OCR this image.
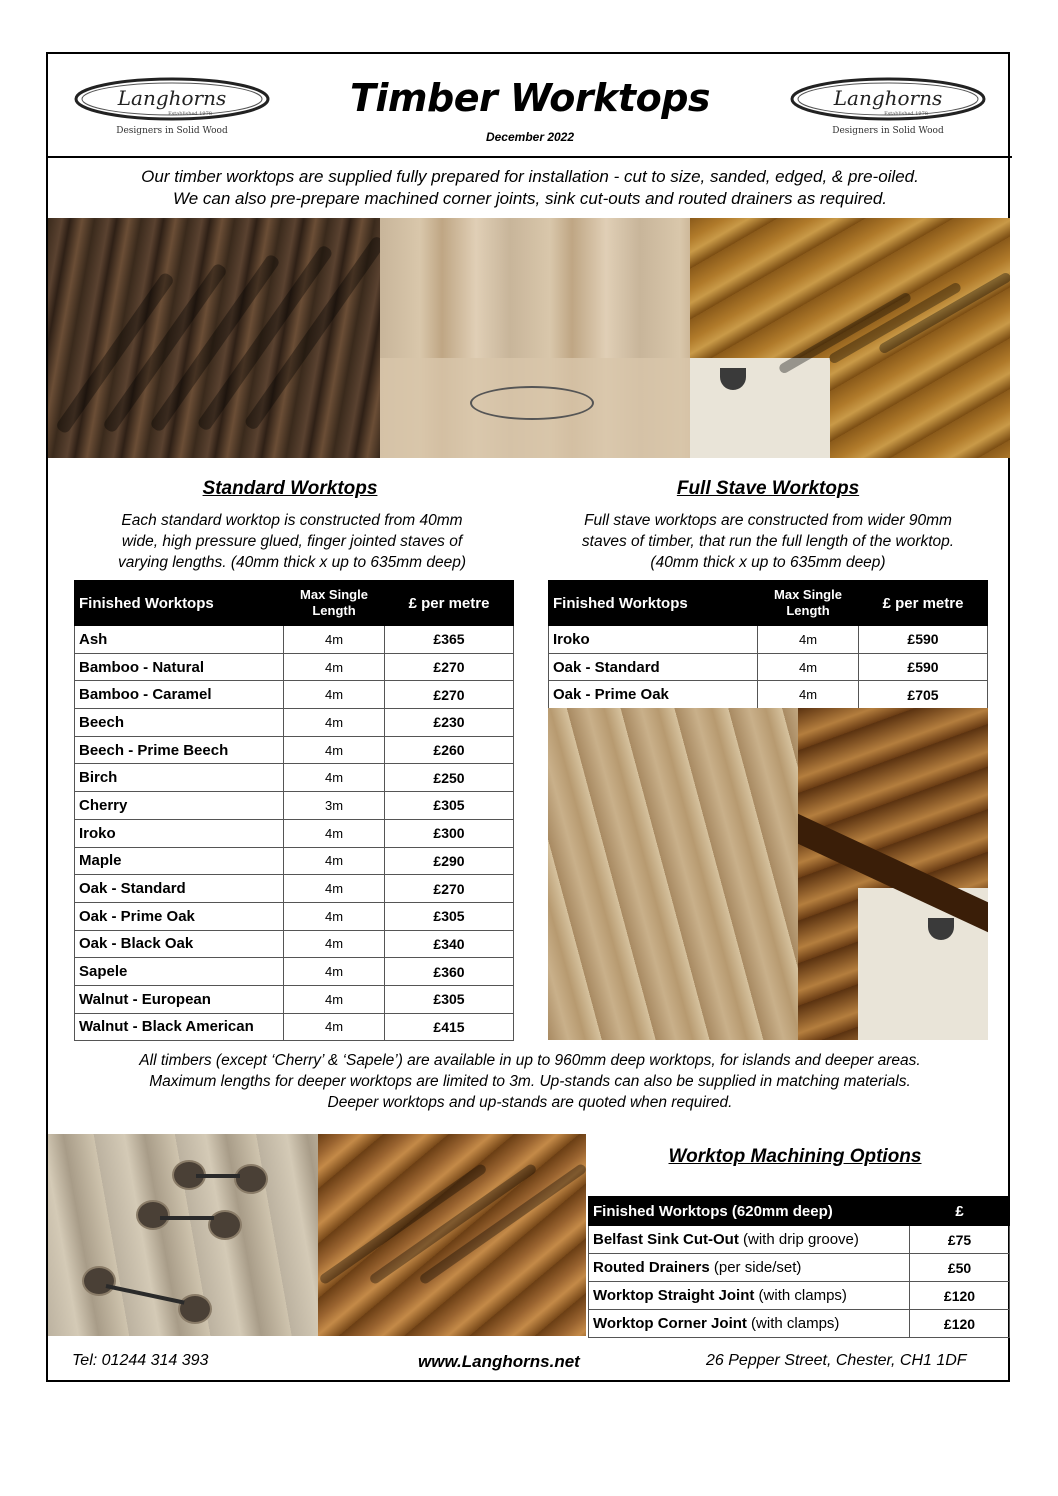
Langhorns
Established 1978
Designers in Solid Wood
Langhorns
Established 1978
Designers in Solid Wood
Timber Worktops
December 2022
Our timber worktops are supplied fully prepared for installation - cut to size, sanded, edged, & pre-oiled.
We can also pre-prepare machined corner joints, sink cut-outs and routed drainers as required.
Standard Worktops
Each standard worktop is constructed from 40mm
wide, high pressure glued, finger jointed staves of
varying lengths. (40mm thick x up to 635mm deep)
Finished Worktops	Max Single Length	£ per metre
Ash	4m	£365
Bamboo - Natural	4m	£270
Bamboo - Caramel	4m	£270
Beech	4m	£230
Beech - Prime Beech	4m	£260
Birch	4m	£250
Cherry	3m	£305
Iroko	4m	£300
Maple	4m	£290
Oak - Standard	4m	£270
Oak - Prime Oak	4m	£305
Oak - Black Oak	4m	£340
Sapele	4m	£360
Walnut - European	4m	£305
Walnut - Black American	4m	£415
Full Stave Worktops
Full stave worktops are constructed from wider 90mm
staves of timber, that run the full length of the worktop.
(40mm thick x up to 635mm deep)
Finished Worktops	Max Single Length	£ per metre
Iroko	4m	£590
Oak - Standard	4m	£590
Oak - Prime Oak	4m	£705
All timbers (except ‘Cherry’ & ‘Sapele’) are available in up to 960mm deep worktops, for islands and deeper areas.
Maximum lengths for deeper worktops are limited to 3m. Up-stands can also be supplied in matching materials.
Deeper worktops and up-stands are quoted when required.
Worktop Machining Options
Finished Worktops (620mm deep)	£
Belfast Sink Cut-Out (with drip groove)	£75
Routed Drainers (per side/set)	£50
Worktop Straight Joint (with clamps)	£120
Worktop Corner Joint (with clamps)	£120
Tel: 01244 314 393	www.Langhorns.net	26 Pepper Street, Chester, CH1 1DF
